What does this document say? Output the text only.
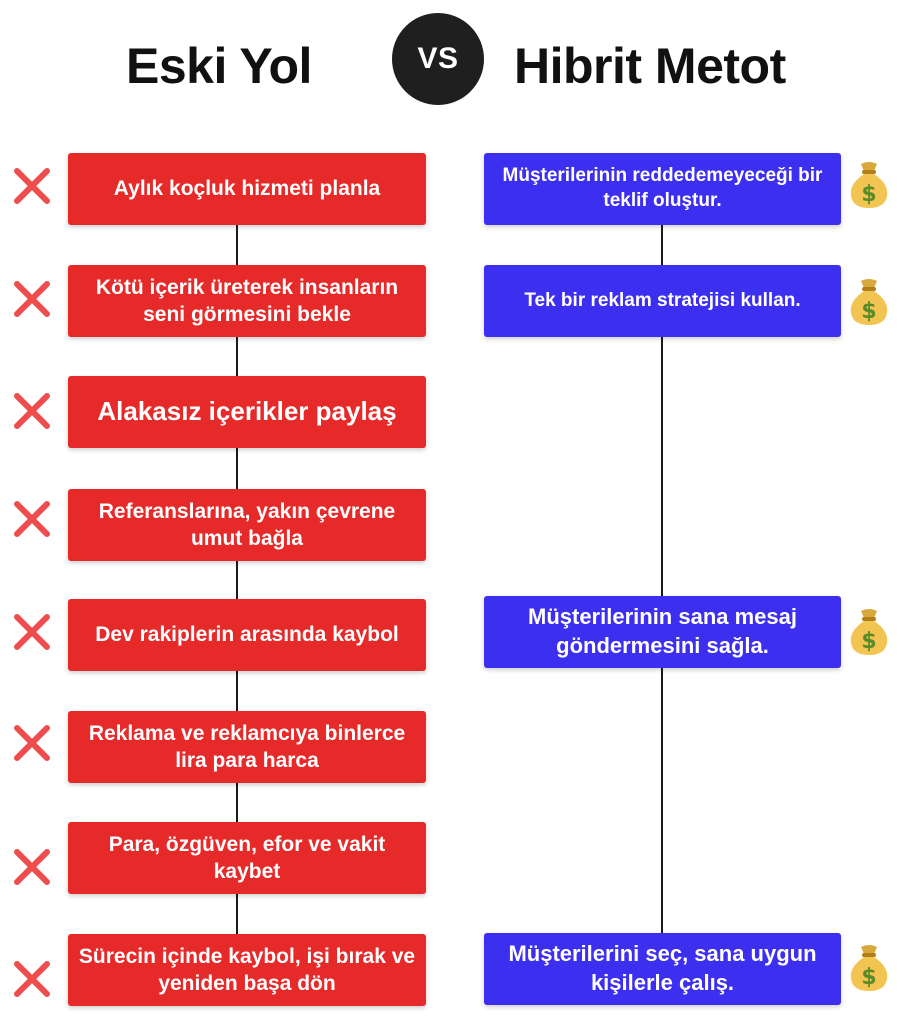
Eski Yol	VS	Hibrit Metot
Aylık koçluk hizmeti planla
Kötü içerik üreterek insanların seni görmesini bekle
Alakasız içerikler paylaş
Referanslarına, yakın çevrene umut bağla
Dev rakiplerin arasında kaybol
Reklama ve reklamcıya binlerce lira para harca
Para, özgüven, efor ve vakit kaybet
Sürecin içinde kaybol, işi bırak ve yeniden başa dön
Müşterilerinin reddedemeyeceği bir teklif oluştur.
Tek bir reklam stratejisi kullan.
Müşterilerinin sana mesaj göndermesini sağla.
Müşterilerini seç, sana uygun kişilerle çalış.
$
$
$
$
